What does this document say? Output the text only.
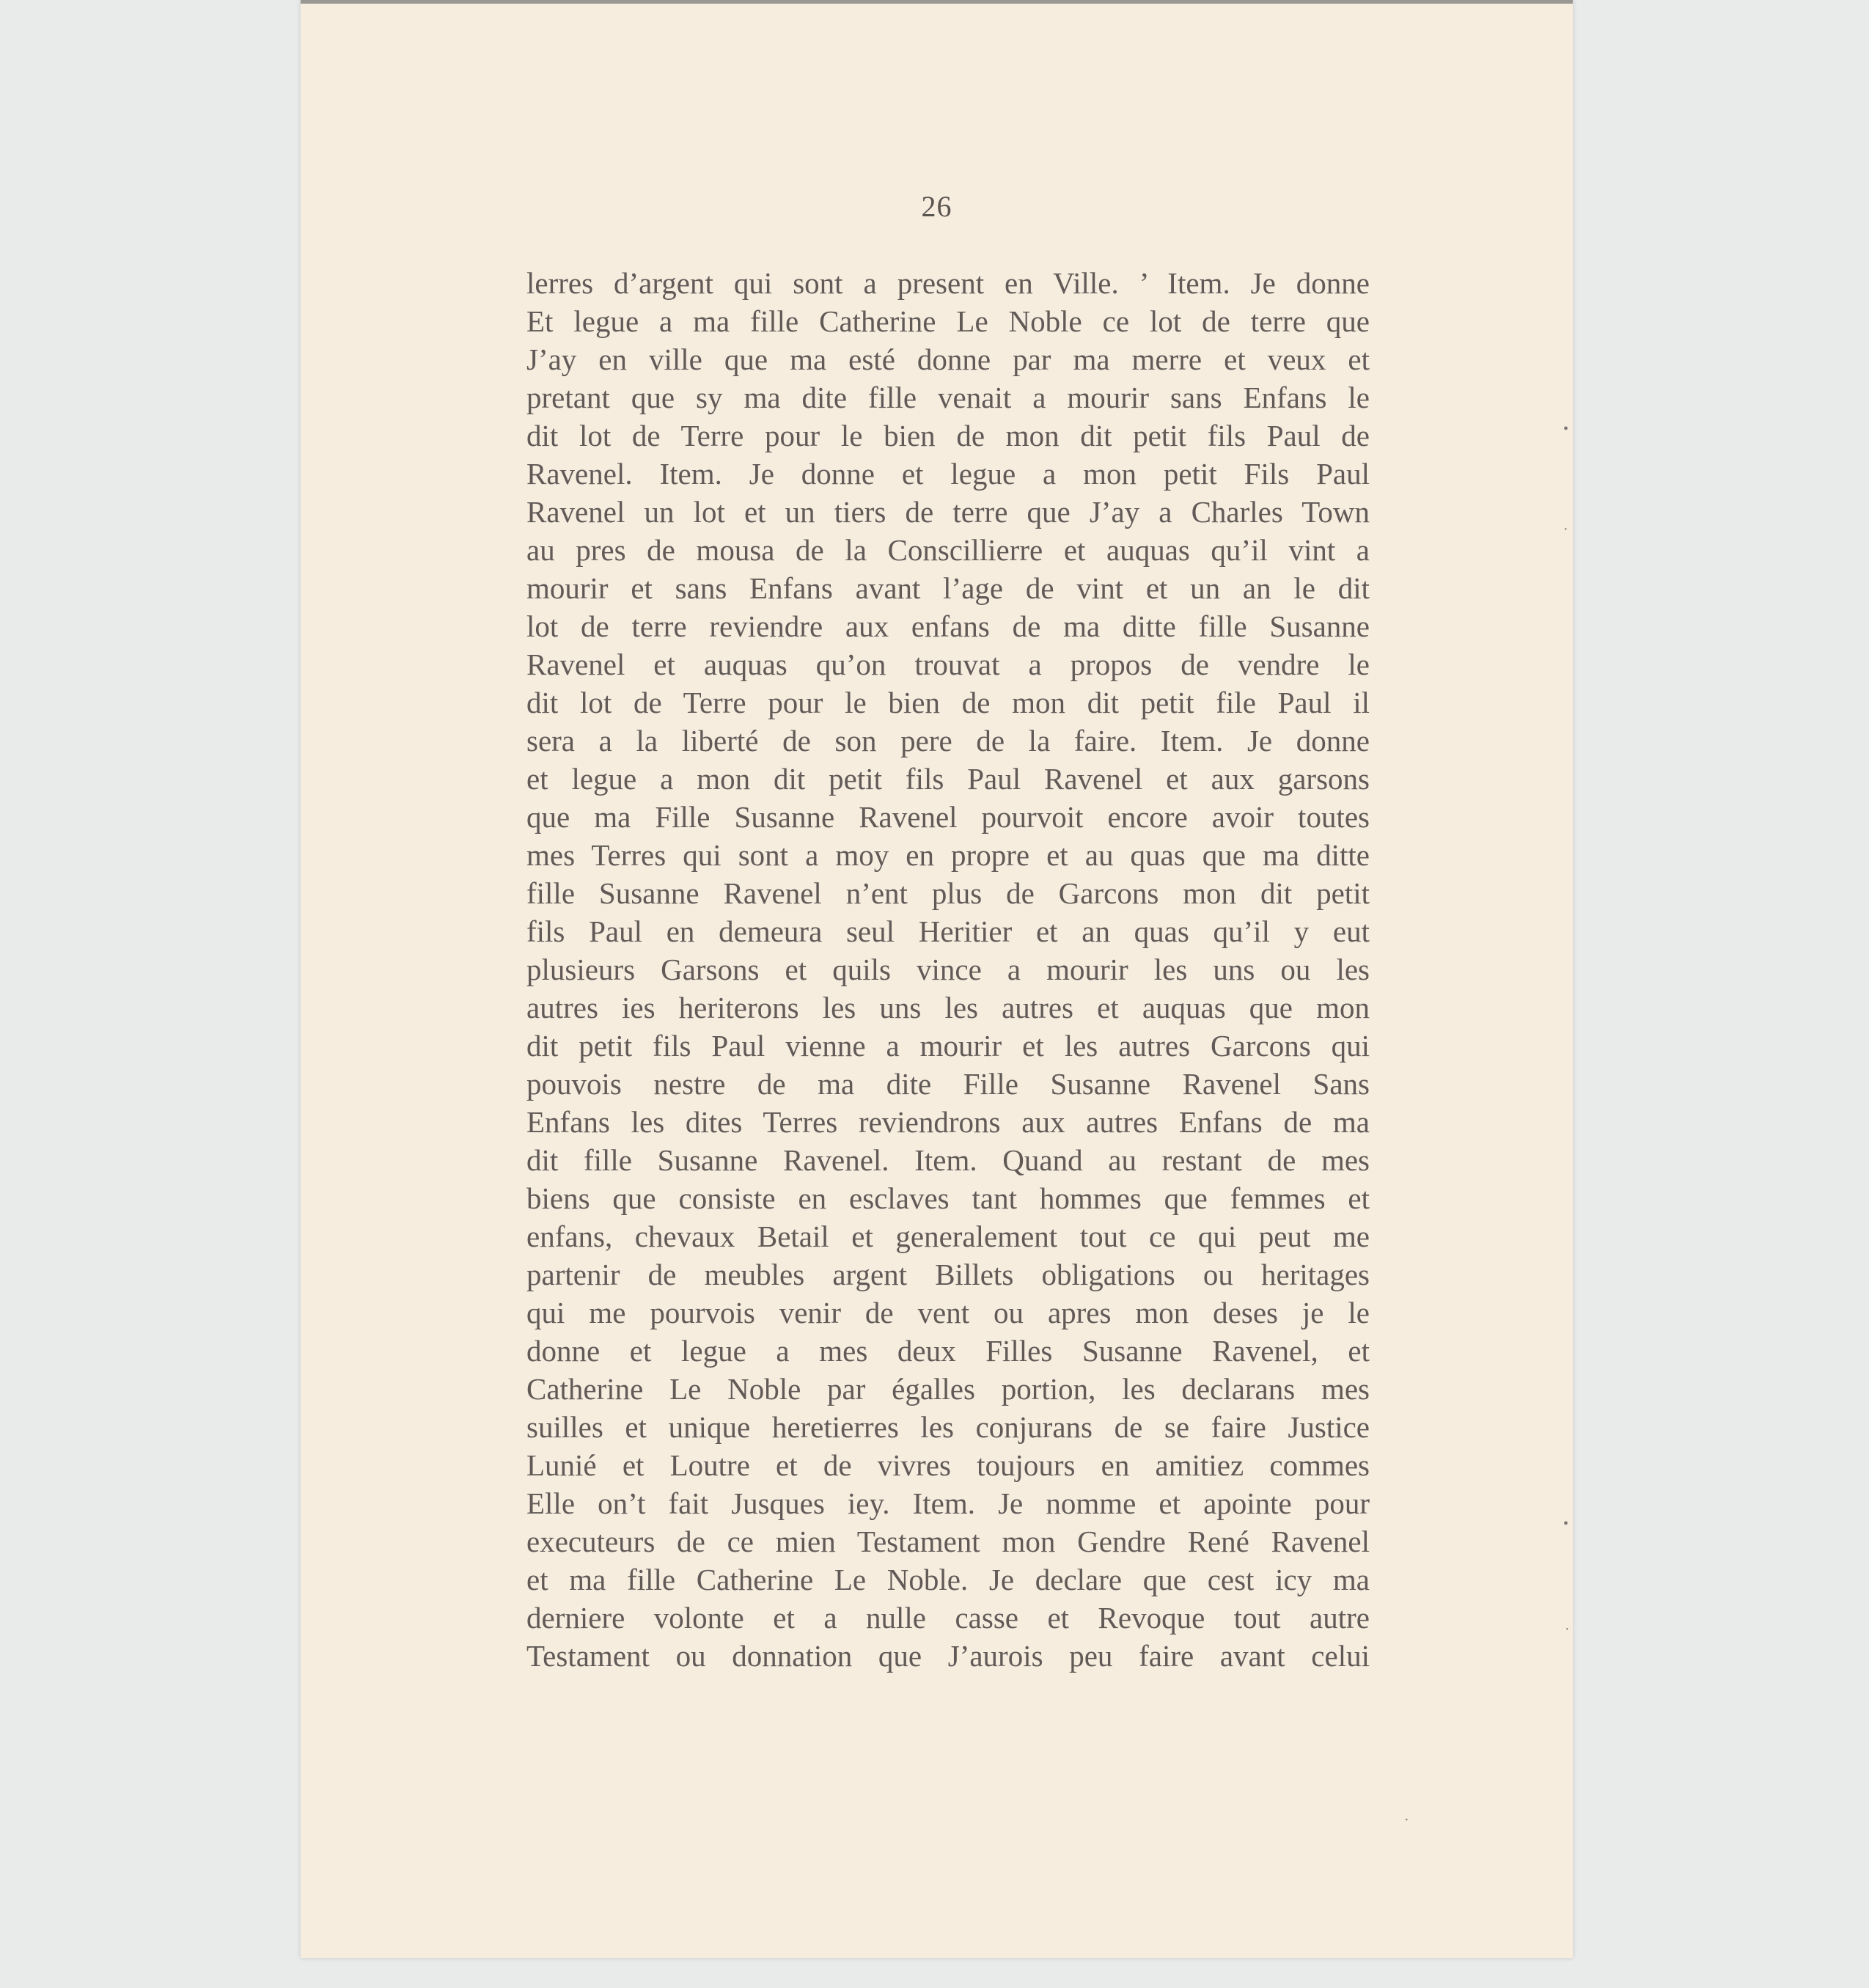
26
lerres d’argent qui sont a present en Ville. ’ Item. Je donne
Et legue a ma fille Catherine Le Noble ce lot de terre que
J’ay en ville que ma esté donne par ma merre et veux et
pretant que sy ma dite fille venait a mourir sans Enfans le
dit lot de Terre pour le bien de mon dit petit fils Paul de
Ravenel. Item. Je donne et legue a mon petit Fils Paul
Ravenel un lot et un tiers de terre que J’ay a Charles Town
au pres de mousa de la Conscillierre et auquas qu’il vint a
mourir et sans Enfans avant l’age de vint et un an le dit
lot de terre reviendre aux enfans de ma ditte fille Susanne
Ravenel et auquas qu’on trouvat a propos de vendre le
dit lot de Terre pour le bien de mon dit petit file Paul il
sera a la liberté de son pere de la faire. Item. Je donne
et legue a mon dit petit fils Paul Ravenel et aux garsons
que ma Fille Susanne Ravenel pourvoit encore avoir toutes
mes Terres qui sont a moy en propre et au quas que ma ditte
fille Susanne Ravenel n’ent plus de Garcons mon dit petit
fils Paul en demeura seul Heritier et an quas qu’il y eut
plusieurs Garsons et quils vince a mourir les uns ou les
autres ies heriterons les uns les autres et auquas que mon
dit petit fils Paul vienne a mourir et les autres Garcons qui
pouvois nestre de ma dite Fille Susanne Ravenel Sans
Enfans les dites Terres reviendrons aux autres Enfans de ma
dit fille Susanne Ravenel. Item. Quand au restant de mes
biens que consiste en esclaves tant hommes que femmes et
enfans, chevaux Betail et generalement tout ce qui peut me
partenir de meubles argent Billets obligations ou heritages
qui me pourvois venir de vent ou apres mon deses je le
donne et legue a mes deux Filles Susanne Ravenel, et
Catherine Le Noble par égalles portion, les declarans mes
suilles et unique heretierres les conjurans de se faire Justice
Lunié et Loutre et de vivres toujours en amitiez commes
Elle on’t fait Jusques iey. Item. Je nomme et apointe pour
executeurs de ce mien Testament mon Gendre René Ravenel
et ma fille Catherine Le Noble. Je declare que cest icy ma
derniere volonte et a nulle casse et Revoque tout autre
Testament ou donnation que J’aurois peu faire avant celui
•
·
•
·
·
